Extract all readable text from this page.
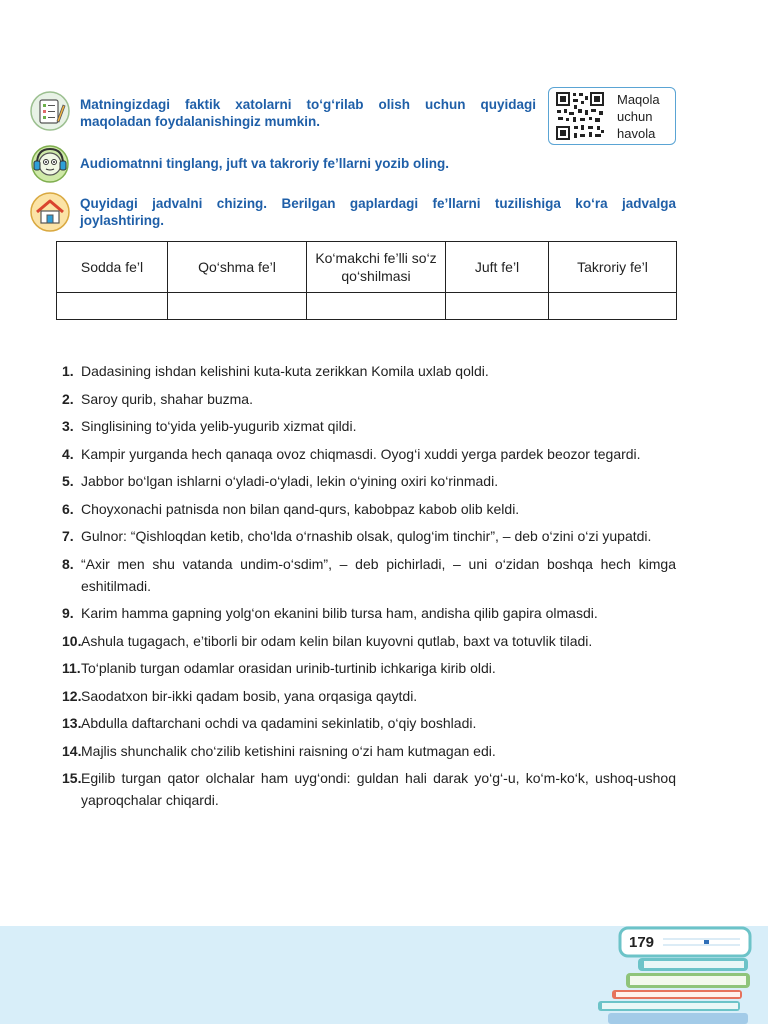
Matningizdagi faktik xatolarni to‘g‘rilab olish uchun quyidagi maqoladan foydalanishingiz mumkin.
Maqola
uchun
havola
Audiomatnni tinglang, juft va takroriy fe’llarni yozib oling.
Quyidagi jadvalni chizing. Berilgan gaplardagi fe’llarni tuzilishiga ko‘ra jadvalga joylashtiring.
Sodda fe’l	Qo‘shma fe’l	Ko‘makchi fe’lli so‘z qo‘shilmasi	Juft fe’l	Takroriy fe’l

1. Dadasining ishdan kelishini kuta-kuta zerikkan Komila uxlab qoldi.
2. Saroy qurib, shahar buzma.
3. Singlisining to‘yida yelib-yugurib xizmat qildi.
4. Kampir yurganda hech qanaqa ovoz chiqmasdi. Oyog‘i xuddi yerga pardek beozor tegardi.
5. Jabbor bo‘lgan ishlarni o‘yladi-o‘yladi, lekin o‘yining oxiri ko‘rinmadi.
6. Choyxonachi patnisda non bilan qand-qurs, kabobpaz kabob olib keldi.
7. Gulnor: “Qishloqdan ketib, cho‘lda o‘rnashib olsak, qulog‘im tinchir”, – deb o‘zini o‘zi yupatdi.
8. “Axir men shu vatanda undim-o‘sdim”, – deb pichirladi, – uni o‘zidan boshqa hech kimga eshitilmadi.
9. Karim hamma gapning yolg‘on ekanini bilib tursa ham, andisha qilib gapira olmasdi.
10. Ashula tugagach, e’tiborli bir odam kelin bilan kuyovni qutlab, baxt va totuvlik tiladi.
11. To‘planib turgan odamlar orasidan urinib-turtinib ichkariga kirib oldi.
12. Saodatxon bir-ikki qadam bosib, yana orqasiga qaytdi.
13. Abdulla daftarchani ochdi va qadamini sekinlatib, o‘qiy boshladi.
14. Majlis shunchalik cho‘zilib ketishini raisning o‘zi ham kutmagan edi.
15. Egilib turgan qator olchalar ham uyg‘ondi: guldan hali darak yo‘g‘-u, ko‘m-ko‘k, ushoq-ushoq yaproqchalar chiqardi.
179
